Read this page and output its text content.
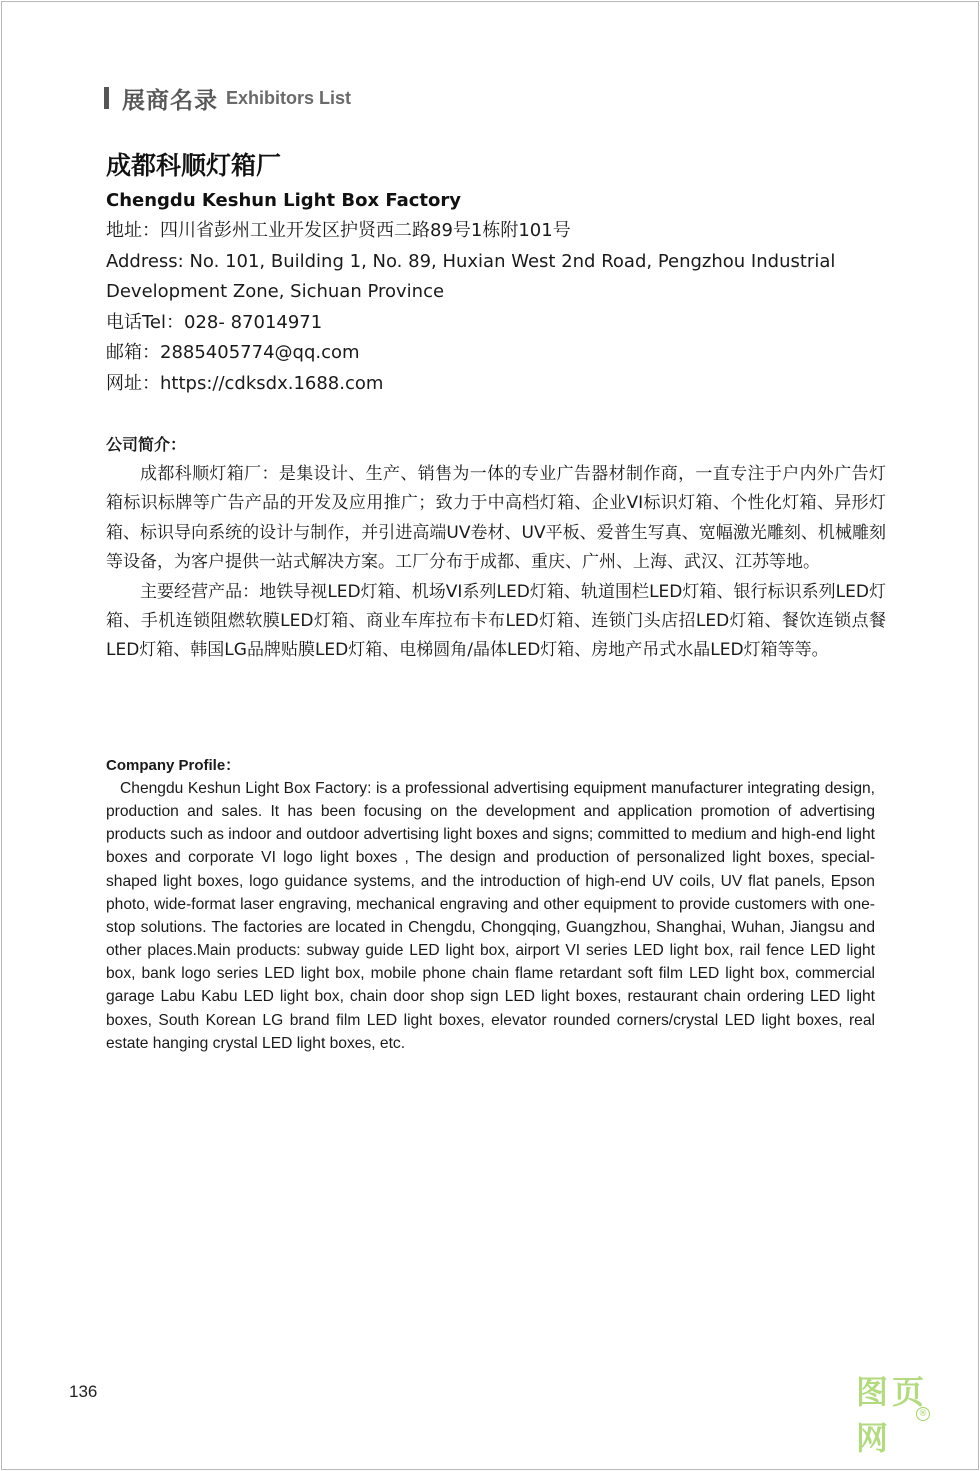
展商名录 Exhibitors List
成都科顺灯箱厂
Chengdu Keshun Light Box Factory
地址：四川省彭州工业开发区护贤西二路89号1栋附101号
Address: No. 101, Building 1, No. 89, Huxian West 2nd Road, Pengzhou Industrial
Development Zone, Sichuan Province
电话Tel：028- 87014971
邮箱：2885405774@qq.com
网址：https://cdksdx.1688.com
公司简介：

成都科顺灯箱厂：是集设计、生产、销售为一体的专业广告器材制作商，一直专注于户内外广告灯箱标识标牌等广告产品的开发及应用推广；致力于中高档灯箱、企业VI标识灯箱、个性化灯箱、异形灯箱、标识导向系统的设计与制作，并引进高端UV卷材、UV平板、爱普生写真、宽幅激光雕刻、机械雕刻等设备，为客户提供一站式解决方案。工厂分布于成都、重庆、广州、上海、武汉、江苏等地。

主要经营产品：地铁导视LED灯箱、机场VI系列LED灯箱、轨道围栏LED灯箱、银行标识系列LED灯箱、手机连锁阻燃软膜LED灯箱、商业车库拉布卡布LED灯箱、连锁门头店招LED灯箱、餐饮连锁点餐LED灯箱、韩国LG品牌贴膜LED灯箱、电梯圆角/晶体LED灯箱、房地产吊式水晶LED灯箱等等。

Company Profile：

Chengdu Keshun Light Box Factory: is a professional advertising equipment manufacturer integrating design, production and sales. It has been focusing on the development and application promotion of advertising products such as indoor and outdoor advertising light boxes and signs; committed to medium and high-end light boxes and corporate VI logo light boxes , The design and production of personalized light boxes, special-shaped light boxes, logo guidance systems, and the introduction of high-end UV coils, UV flat panels, Epson photo, wide-format laser engraving, mechanical engraving and other equipment to provide customers with one-stop solutions. The factories are located in Chengdu, Chongqing, Guangzhou, Shanghai, Wuhan, Jiangsu and other places.Main products: subway guide LED light box, airport VI series LED light box, rail fence LED light box, bank logo series LED light box, mobile phone chain flame retardant soft film LED light box, commercial garage Labu Kabu LED light box, chain door shop sign LED light boxes, restaurant chain ordering LED light boxes, South Korean LG brand film LED light boxes, elevator rounded corners/crystal LED light boxes, real estate hanging crystal LED light boxes, etc.

136	图页网
®
